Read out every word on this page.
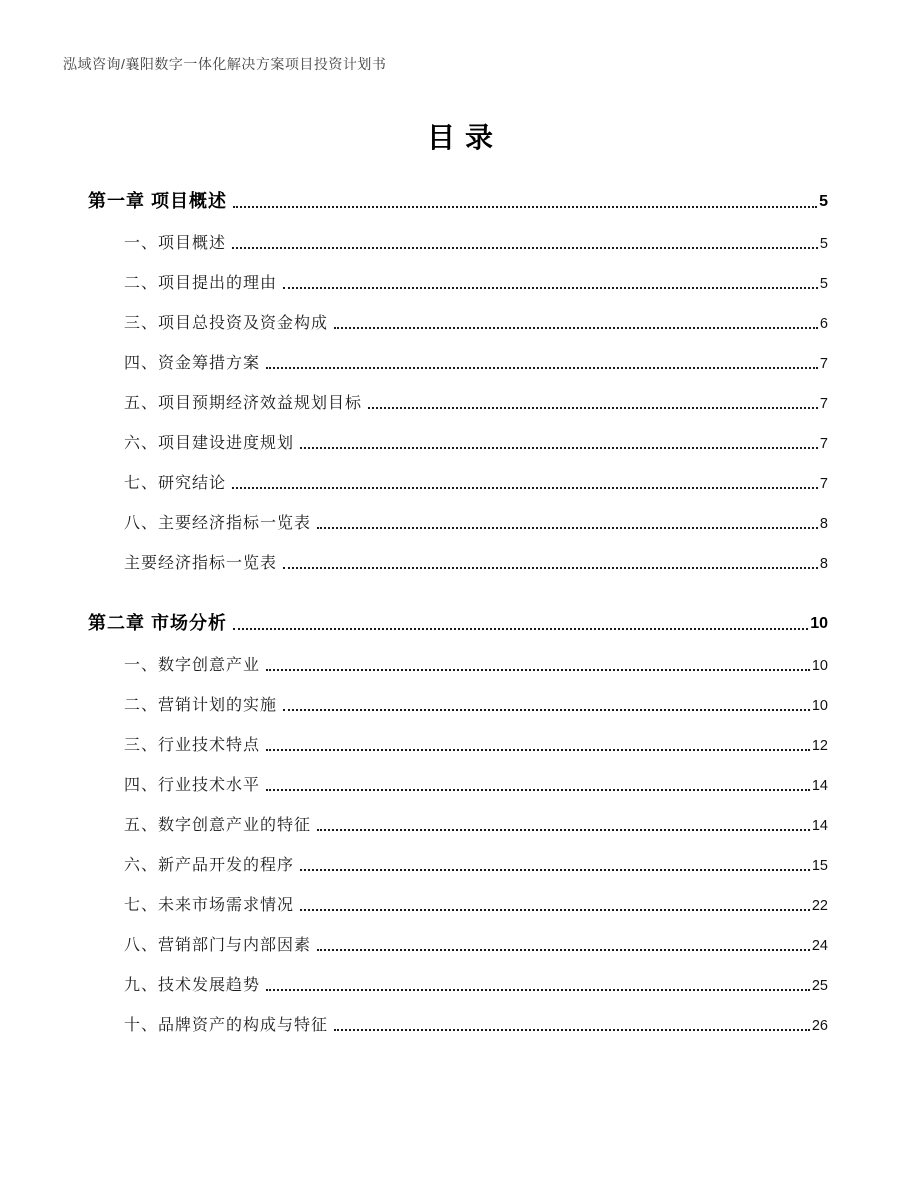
泓域咨询/襄阳数字一体化解决方案项目投资计划书
目录
第一章 项目概述	5
一、项目概述	5
二、项目提出的理由	5
三、项目总投资及资金构成	6
四、资金筹措方案	7
五、项目预期经济效益规划目标	7
六、项目建设进度规划	7
七、研究结论	7
八、主要经济指标一览表	8
主要经济指标一览表	8
第二章 市场分析	10
一、数字创意产业	10
二、营销计划的实施	10
三、行业技术特点	12
四、行业技术水平	14
五、数字创意产业的特征	14
六、新产品开发的程序	15
七、未来市场需求情况	22
八、营销部门与内部因素	24
九、技术发展趋势	25
十、品牌资产的构成与特征	26
